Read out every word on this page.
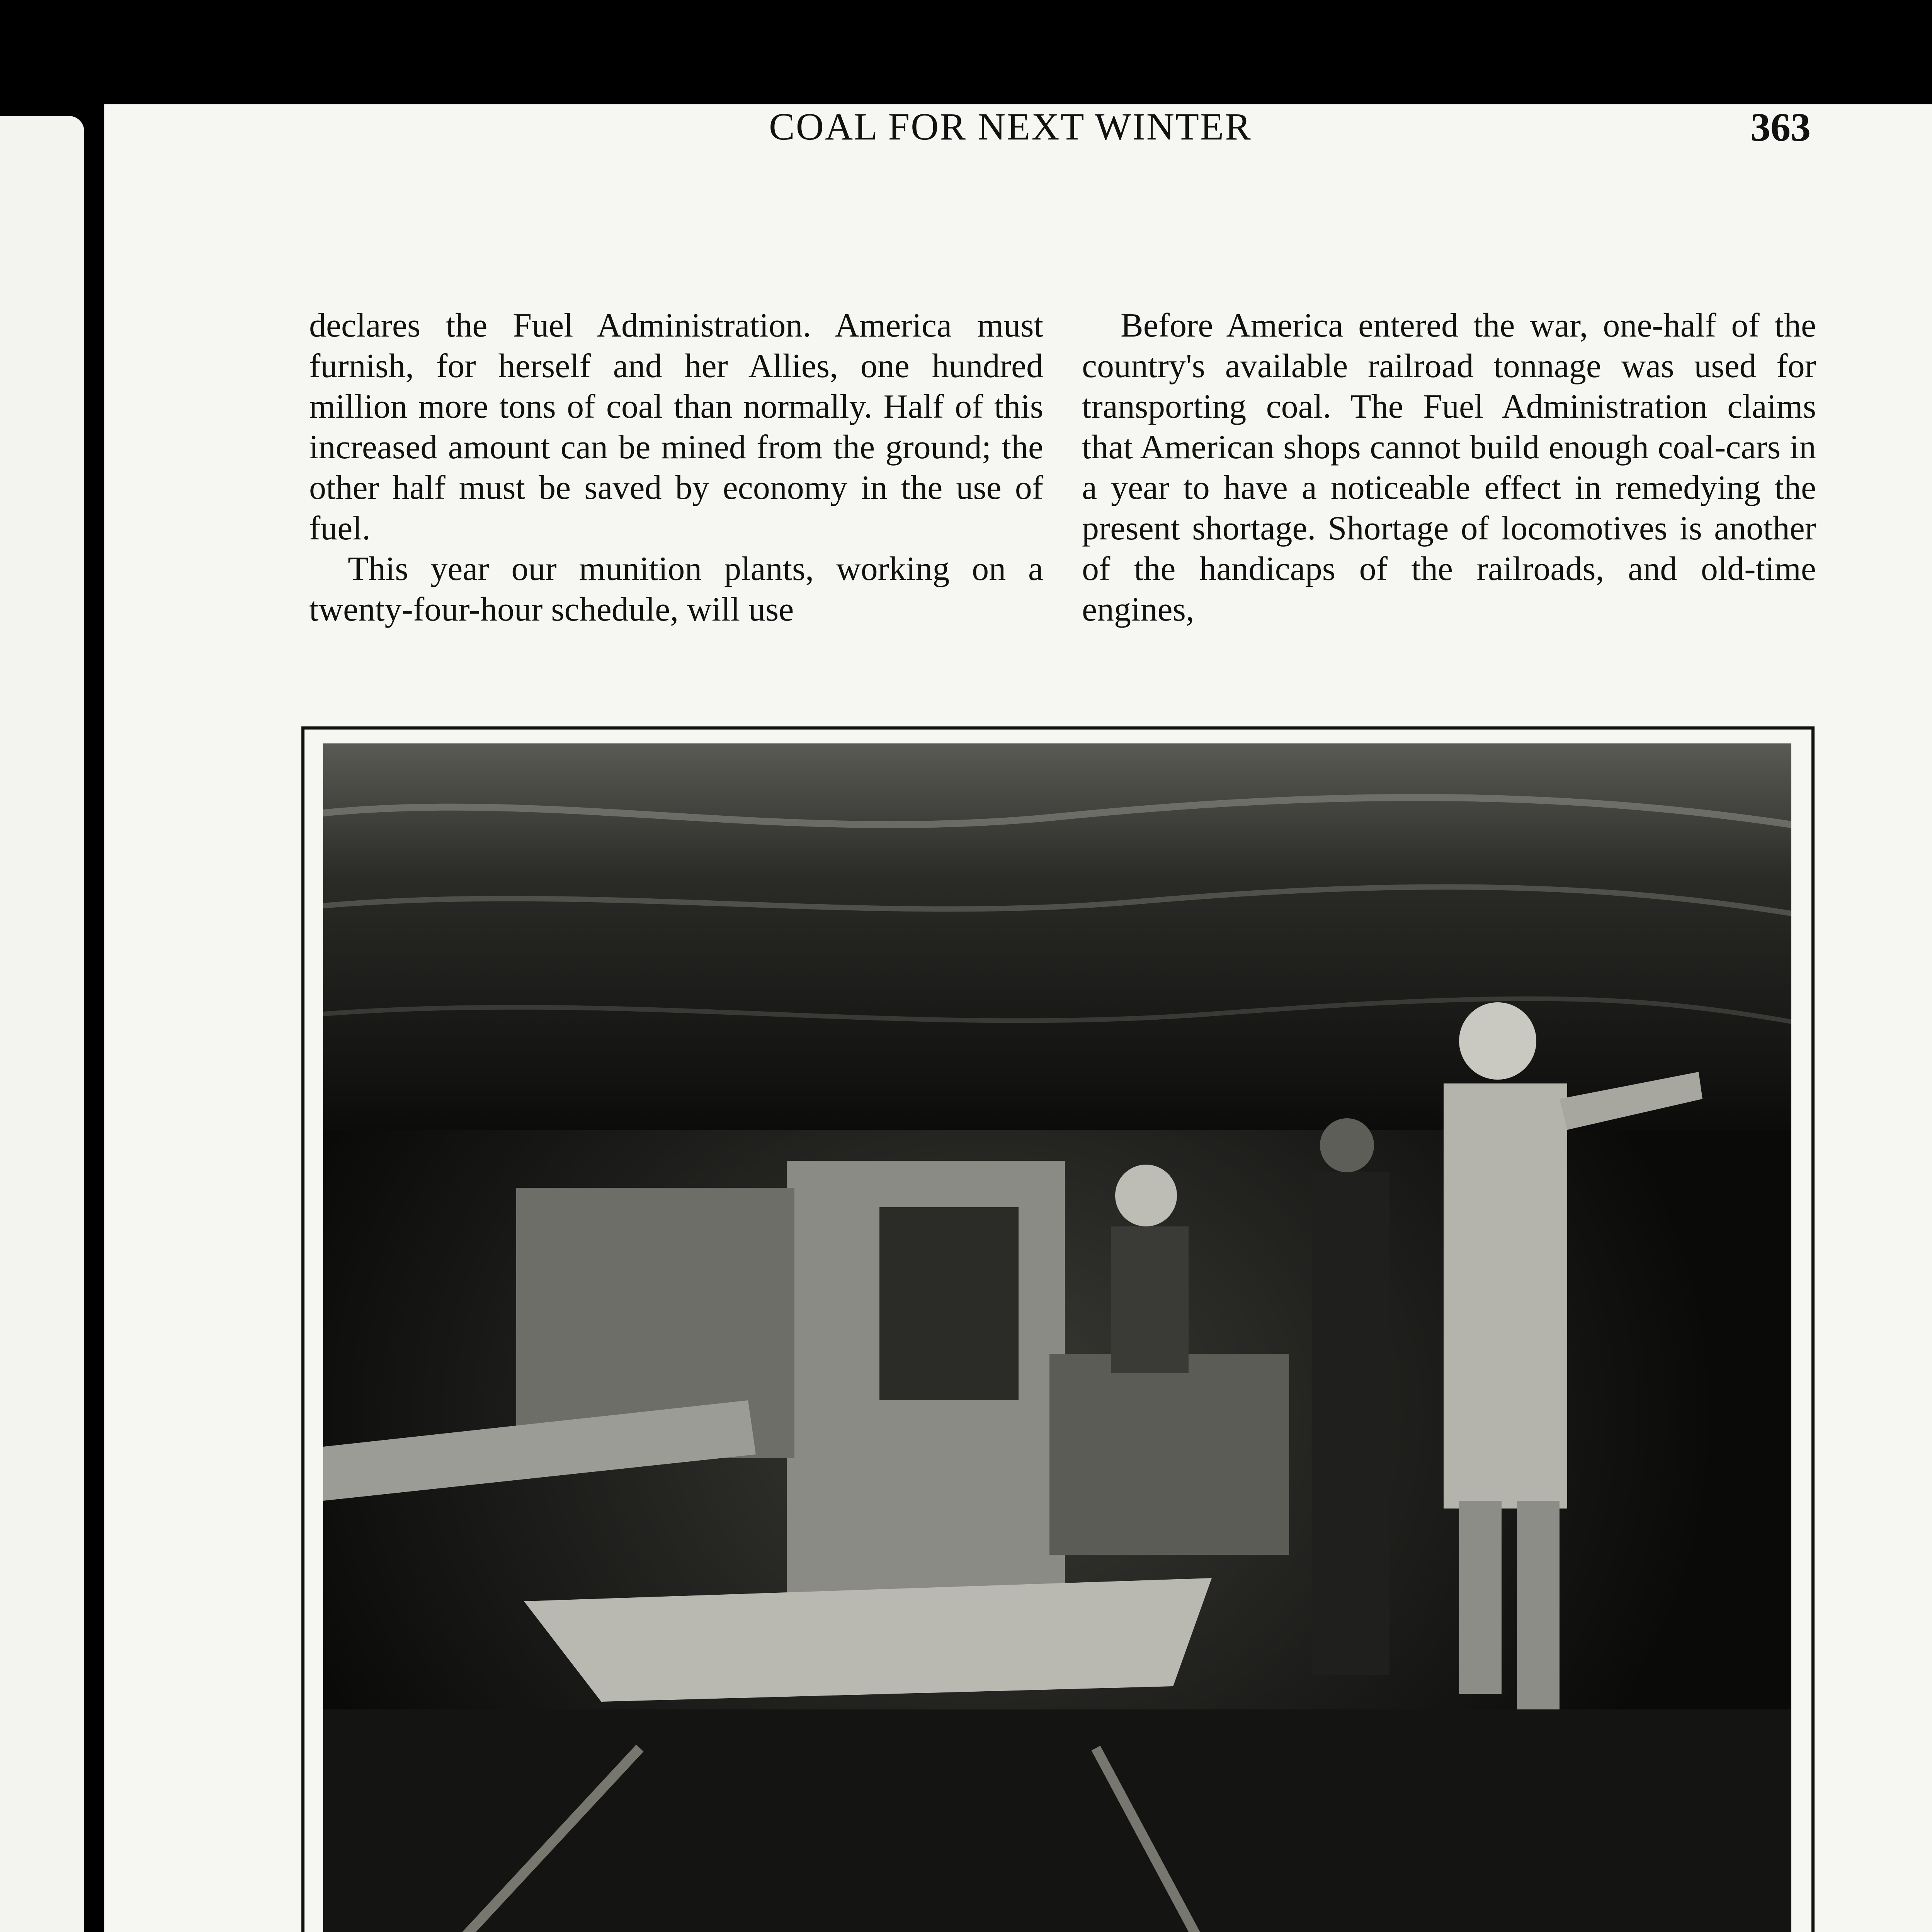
COAL FOR NEXT WINTER	363

declares the Fuel Administration. America must furnish, for herself and her Allies, one hundred million more tons of coal than normally. Half of this increased amount can be mined from the ground; the other half must be saved by economy in the use of fuel.

This year our munition plants, working on a twenty-four-hour schedule, will use

Before America entered the war, one-half of the country's available railroad tonnage was used for transporting coal. The Fuel Administration claims that American shops cannot build enough coal-cars in a year to have a noticeable effect in remedying the present shortage. Shortage of locomotives is another of the handicaps of the railroads, and old-time engines,
